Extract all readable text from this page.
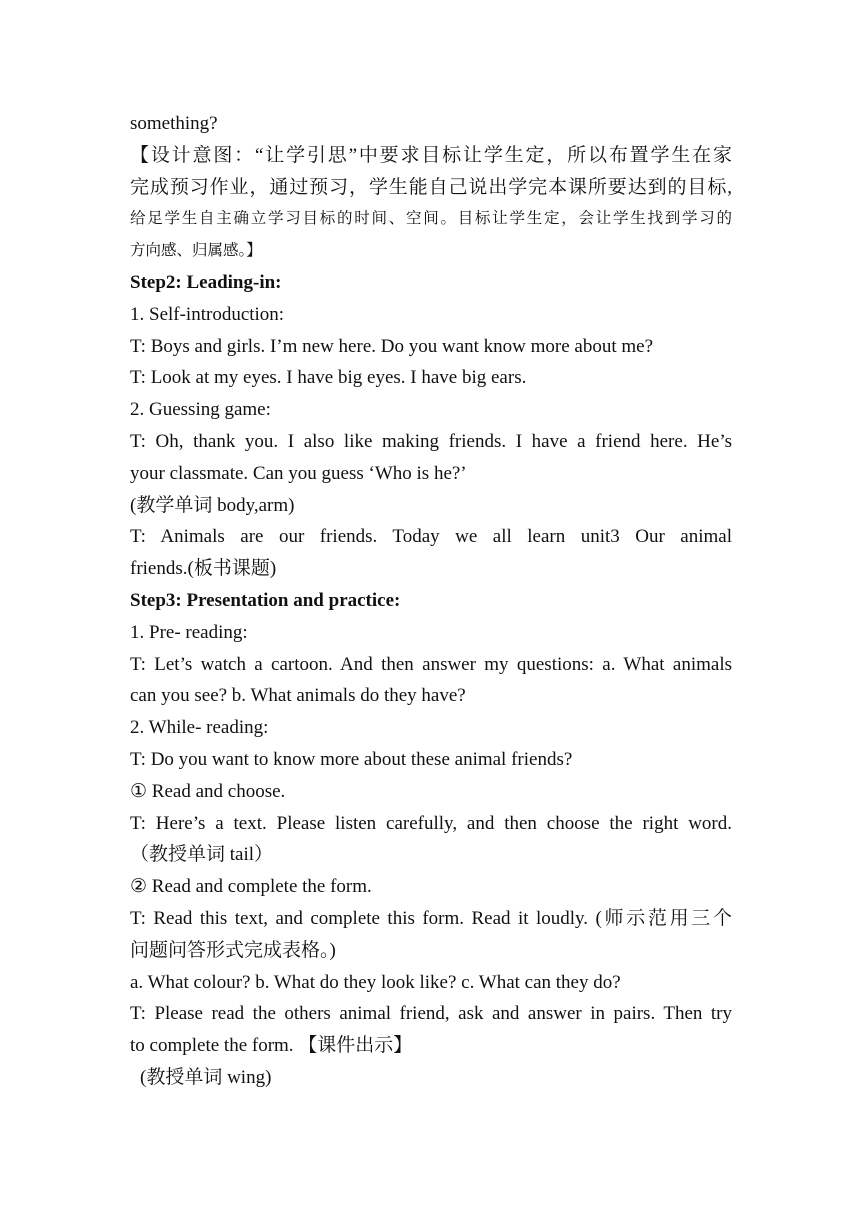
something?
【设计意图：“让学引思”中要求目标让学生定，所以布置学生在家
完成预习作业，通过预习，学生能自己说出学完本课所要达到的目标,
给足学生自主确立学习目标的时间、空间。目标让学生定，会让学生找到学习的
方向感、归属感。】
Step2: Leading-in:
1. Self-introduction:
T: Boys and girls. I’m new here. Do you want know more about me?
T: Look at my eyes. I have big eyes. I have big ears.
2. Guessing game:
T: Oh, thank you. I also like making friends. I have a friend here. He’s
your classmate. Can you guess ‘Who is he?’
(教学单词 body,arm)
T: Animals are our friends. Today we all learn unit3 Our animal
friends.(板书课题)
Step3: Presentation and practice:
1. Pre- reading:
T: Let’s watch a cartoon. And then answer my questions: a. What animals
can you see? b. What animals do they have?
2. While- reading:
T: Do you want to know more about these animal friends?
① Read and choose.
T: Here’s a text. Please listen carefully, and then choose the right word.
（教授单词 tail）
② Read and complete the form.
T: Read this text, and complete this form. Read it loudly. (师示范用三个
问题问答形式完成表格。)
a. What colour? b. What do they look like? c. What can they do?
T: Please read the others animal friend, ask and answer in pairs. Then try
to complete the form. 【课件出示】
(教授单词 wing)
